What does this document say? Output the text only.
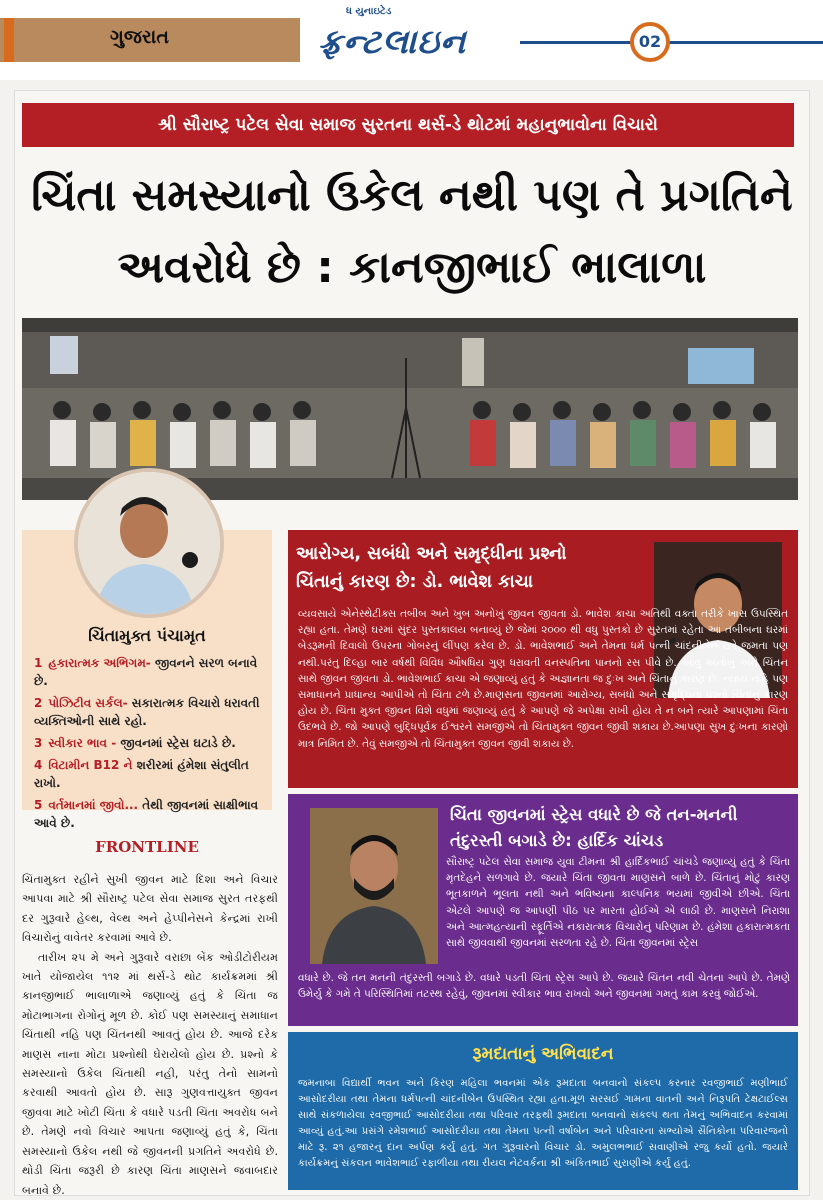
ગુજરાત
ધ યુનાઇટેડ
ફ્રન્ટલાઇન	02
શ્રી સૌરાષ્ટ્ર પટેલ સેવા સમાજ સુરતના થર્સ-ડે થોટમાં મહાનુભાવોના વિચારો
ચિંતા સમસ્યાનો ઉકેલ નથી પણ તે પ્રગતિને
અવરોધે છે : કાનજીભાઈ ભાલાળા
ચિંતામુક્ત પંચામૃત
1 હકારાત્મક અભિગમ- જીવનને સરળ બનાવે છે.
2 પોઝિટીવ સર્કલ- સકારાત્મક વિચારો ધરાવતી વ્યક્તિઓની સાથે રહો.
3 સ્વીકાર ભાવ - જીવનમાં સ્ટ્રેસ ઘટાડે છે.
4 વિટામીન B12 ને શરીરમાં હંમેશા સંતુલીત રાખો.
5 વર્તમાનમાં જીવો... તેથી જીવનમાં સાક્ષીભાવ આવે છે.
FRONTLINE

ચિંતામુક્ત રહીને સુખી જીવન માટે દિશા અને વિચાર આપવા માટે શ્રી સૌરાષ્ટ્ર પટેલ સેવા સમાજ સુરત તરફથી દર ગુરૂવારે હેલ્થ, વેલ્થ અને હેપ્પીનેસને કેન્દ્રમાં રાખી વિચારોનું વાવેતર કરવામાં આવે છે.

તારીખ ૨૫ મે અને ગુરૂવારે વરાછા બેંક ઓડીટોરીયમ ખાતે યોજાયેલ ૧૧૨ માં થર્સ-ડે થોટ કાર્યક્રમમાં શ્રી કાનજીભાઈ ભાલાળાએ જણાવ્યું હતું કે ચિંતા જ મોટાભાગના રોગોનું મૂળ છે. કોઈ પણ સમસ્યાનું સમાધાન ચિંતાથી નહિ પણ ચિંતનથી આવતું હોય છે. આજે દરેક માણસ નાના મોટા પ્રશ્નોથી ઘેરાયેલો હોય છે. પ્રશ્નો કે સમસ્યાનો ઉકેલ ચિંતાથી નહી, પરંતુ તેનો સામનો કરવાથી આવતો હોય છે. સારૂ ગુણવત્તાયુક્ત જીવન જીવવા માટે ખોટી ચિંતા કે વધારે પડતી ચિંતા અવરોધ બને છે. તેમણે નવો વિચાર આપતા જણાવ્યું હતું કે, ચિંતા સમસ્યાનો ઉકેલ નથી જે જીવનની પ્રગતિને અવરોધે છે. થોડી ચિંતા જરૂરી છે કારણ ચિંતા માણસને જવાબદાર બનાવે છે.

આરોગ્ય, સબંધો અને સમૃદ્ધીના પ્રશ્નો
ચિંતાનું કારણ છે: ડો. ભાવેશ કાચા
વ્યવસાયે એનેસ્થેટીક્સ તબીબ અને ખુબ અનોખું જીવન જીવતા ડો. ભાવેશ કાચા અતિથી વક્તા તરીકે ખાસ ઉપસ્થિત રહ્યા હતા. તેમણે ઘરમાં સુંદર પુસ્તકાલય બનાવ્યું છે જેમાં ૨૦૦૦ થી વધુ પુસ્તકો છે સુરતમાં રહેતા આ તબીબના ઘરમાં બેડરૂમની દિવાલો ઉપરના ગોબરનું લીંપણ કરેલ છે. ડો. ભાવેશભાઈ અને તેમના ધર્મ પત્ની ચાંદનીબેન રાત્રે જમતા પણ નથી.પરંતુ દિલ્હા બાર વર્ષથી વિવિધ ઔષધિય ગુણ ધરાવતી વનસ્પતિના પાનનો રસ પીવે છે. આવું અનોખું અને ચિંતન સાથે જીવન જીવતા ડો. ભાવેશભાઈ કાચા એ જણાવ્યું હતું કે અજ્ઞાનતા જ દુઃખ અને ચિંતાનું કારણ છે. ન્યાય નહિ પણ સમાધાનને પ્રાધાન્ય આપીએ તો ચિંતા ટળે છે.માણસના જીવનમાં આરોગ્ય, સબંધો અને સમૃદ્ધિના પ્રશ્નો ચિંતાનું કારણ હોય છે. ચિંતા મુક્ત જીવન વિશે વધુમાં જણાવ્યું હતું કે આપણે જે અપેક્ષા રાખી હોય તે ન બને ત્યારે આપણામાં ચિંતા ઉદભવે છે. જો આપણે બુદ્ધિપૂર્વક ઈશ્વરને સમજીએ તો ચિંતામુક્ત જીવન જીવી શકાય છે.આપણા સુખ દુઃખના કારણો માત્ર નિમિત છે. તેવું સમજીએ તો ચિંતામુક્ત જીવન જીવી શકાય છે.
ચિંતા જીવનમાં સ્ટ્રેસ વધારે છે જે તન-મનની
તંદુરસ્તી બગાડે છે: હાર્દિક ચાંચડ
સૌરાષ્ટ્ર પટેલ સેવા સમાજ યુવા ટીમના શ્રી હાર્દિકભાઈ ચાંચડે જણાવ્યું હતું કે ચિંતા મૃતદેહને સળગાવે છે. જયારે ચિંતા જીવતા માણસને બાળે છે. ચિંતાનું મોટું કારણ ભૂતકાળને ભૂલતા નથી અને ભવિષ્યના કાલ્પનિક ભયમાં જીવીએ છીએ. ચિંતા એટલે આપણે જ આપણી પીઠ પર મારતા હોઈએ એ લાઠી છે. માણસને નિરાશા અને આત્મહત્યાની સ્ફૂર્તિએ નકારાત્મક વિચારોનું પરિણામ છે. હંમેશા હકારાત્મકતા સાથે જીવવાથી જીવનમાં સરળતા રહે છે. ચિંતા જીવનમાં સ્ટ્રેસ
વધારે છે. જે તન મનની તંદુરસ્તી બગાડે છે. વધારે પડતી ચિંતા સ્ટ્રેસ આપે છે. જયારે ચિંતન નવી ચેતના આપે છે. તેમણે ઉમેર્યુ કે ગમે તે પરિસ્થિતિમાં તટસ્થ રહેવું, જીવનમાં સ્વીકાર ભાવ રાખવો અને જીવનમાં ગમતું કામ કરવું જોઈએ.
રૂમદાતાનું અભિવાદન
જમનાબા વિદ્યાર્થી ભવન અને કિરણ મહિલા ભવનમાં એક રૂમદાતા બનવાનો સંકલ્પ કરનાર રવજીભાઈ મણીભાઈ આસોદરીયા તથા તેમના ધર્મપત્ની ચાંદનીબેન ઉપસ્થિત રહ્યા હતા.મૂળ સરસઈ ગામના વાતની અને નિરૂપતિ ટેક્ષટાઈલ્સ સાથે સંકળાયેલા રવજીભાઈ આસોદરીયા તથા પરિવાર તરફથી રૂમદાતા બનવાનો સંકલ્પ થતા તેમનું અભિવાદન કરવામાં આવ્યું હતું.આ પ્રસંગે રમેશભાઈ આસોદરીયા તથા તેમના પત્ની વર્ષાબેન અને પરિવારના સભ્યોએ સૈનિકોના પરિવારજનો માટે રૂ. ૨૧ હજારનું દાન અર્પણ કર્યું હતું. ગત ગુરૂવારનો વિચાર ડો. અમુલભભાઈ સવાણીએ રજુ કર્યો હતો. જયારે કાર્યક્રમનું સંકલન ભાવેશભાઈ રફાળીયા તથા રીયલ નેટવર્કના શ્રી અંકિતભાઈ સુરાણીએ કર્યું હતું.
